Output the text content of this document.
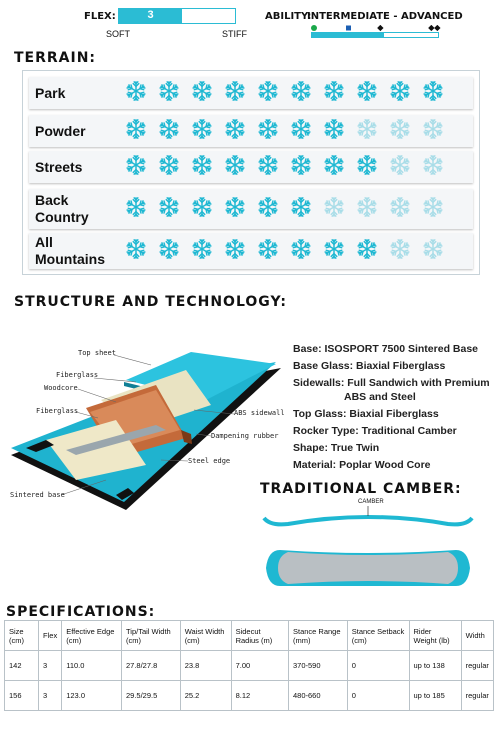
FLEX:	3
SOFT	STIFF
ABILITY:
INTERMEDIATE - ADVANCED
TERRAIN:
Park
Powder
Streets
Back Country
All Mountains
STRUCTURE AND TECHNOLOGY:
Top sheet
Fiberglass
Woodcore
Fiberglass	ABS sidewall
Dampening rubber
Steel edge
Sintered base
Base: ISOSPORT 7500 Sintered Base
Base Glass: Biaxial Fiberglass
Sidewalls: Full Sandwich with Premium
ABS and Steel
Top Glass: Biaxial Fiberglass
Rocker Type: Traditional Camber
Shape: True Twin
Material: Poplar Wood Core
TRADITIONAL CAMBER:
CAMBER
SPECIFICATIONS:
Size (cm)	Flex	Effective Edge (cm)	Tip/Tail Width (cm)	Waist Width (cm)	Sidecut Radius (m)	Stance Range (mm)	Stance Setback (cm)	Rider Weight (lb)	Width
142	3	110.0	27.8/27.8	23.8	7.00	370-590	0	up to 138	regular
156	3	123.0	29.5/29.5	25.2	8.12	480-660	0	up to 185	regular
